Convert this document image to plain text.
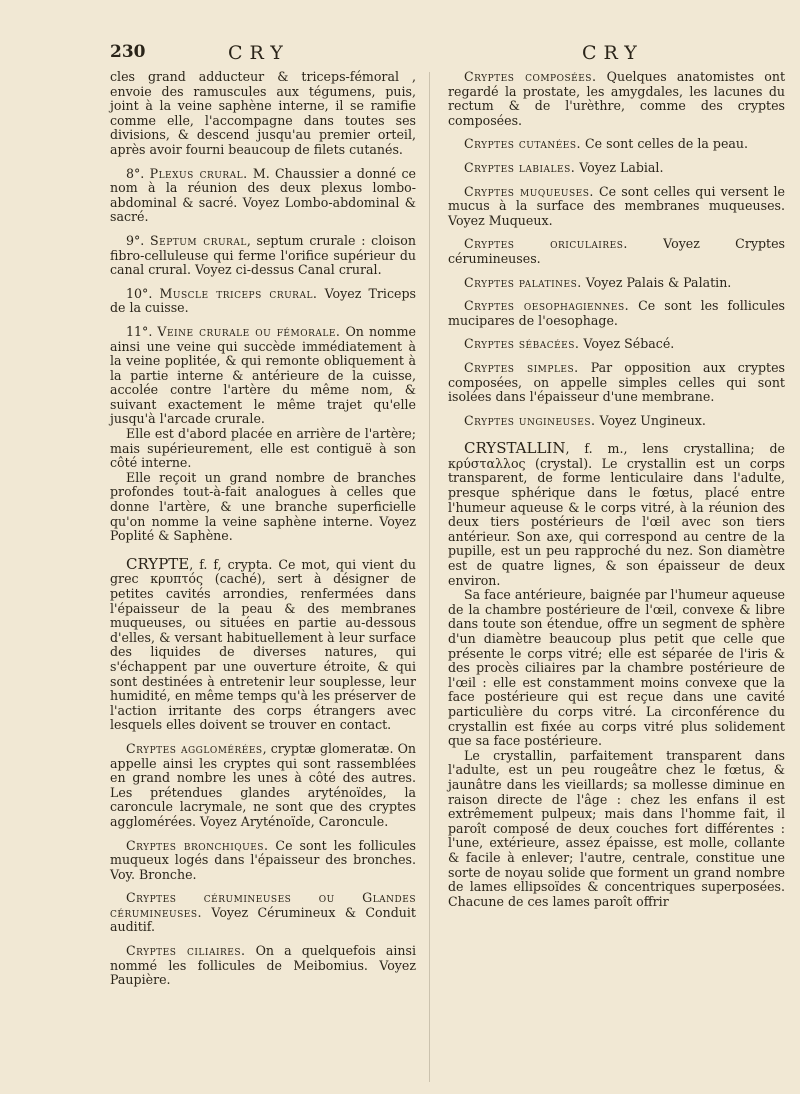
230	CRY	CRY

cles grand adducteur & triceps-fémoral , envoie des ramuscules aux tégumens, puis, joint à la veine saphène interne, il se ramifie comme elle, l'accompagne dans toutes ses divisions, & descend jusqu'au premier orteil, après avoir fourni beaucoup de filets cutanés.

8°. Plexus crural. M. Chaussier a donné ce nom à la réunion des deux plexus lombo-abdominal & sacré. Voyez Lombo-abdominal & sacré.

9°. Septum crural, septum crurale : cloison fibro-celluleuse qui ferme l'orifice supérieur du canal crural. Voyez ci-dessus Canal crural.

10°. Muscle triceps crural. Voyez Triceps de la cuisse.

11°. Veine crurale ou fémorale. On nomme ainsi une veine qui succède immédiatement à la veine poplitée, & qui remonte obliquement à la partie interne & antérieure de la cuisse, accolée contre l'artère du même nom, & suivant exactement le même trajet qu'elle jusqu'à l'arcade crurale.

Elle est d'abord placée en arrière de l'artère; mais supérieurement, elle est contiguë à son côté interne.

Elle reçoit un grand nombre de branches profondes tout-à-fait analogues à celles que donne l'artère, & une branche superficielle qu'on nomme la veine saphène interne. Voyez Poplité & Saphène.

CRYPTE, f. f, crypta. Ce mot, qui vient du grec κρυπτός (caché), sert à désigner de petites cavités arrondies, renfermées dans l'épaisseur de la peau & des membranes muqueuses, ou situées en partie au-dessous d'elles, & versant habituellement à leur surface des liquides de diverses natures, qui s'échappent par une ouverture étroite, & qui sont destinées à entretenir leur souplesse, leur humidité, en même temps qu'à les préserver de l'action irritante des corps étrangers avec lesquels elles doivent se trouver en contact.

Cryptes agglomérées, cryptæ glomeratæ. On appelle ainsi les cryptes qui sont rassemblées en grand nombre les unes à côté des autres. Les prétendues glandes aryténoïdes, la caroncule lacrymale, ne sont que des cryptes agglomérées. Voyez Aryténoïde, Caroncule.

Cryptes bronchiques. Ce sont les follicules muqueux logés dans l'épaisseur des bronches. Voy. Bronche.

Cryptes cérumineuses ou Glandes cérumineuses. Voyez Cérumineux & Conduit auditif.

Cryptes ciliaires. On a quelquefois ainsi nommé les follicules de Meibomius. Voyez Paupière.

Cryptes composées. Quelques anatomistes ont regardé la prostate, les amygdales, les lacunes du rectum & de l'urèthre, comme des cryptes composées.

Cryptes cutanées. Ce sont celles de la peau.

Cryptes labiales. Voyez Labial.

Cryptes muqueuses. Ce sont celles qui versent le mucus à la surface des membranes muqueuses. Voyez Muqueux.

Cryptes oriculaires. Voyez Cryptes cérumineuses.

Cryptes palatines. Voyez Palais & Palatin.

Cryptes oesophagiennes. Ce sont les follicules mucipares de l'oesophage.

Cryptes sébacées. Voyez Sébacé.

Cryptes simples. Par opposition aux cryptes composées, on appelle simples celles qui sont isolées dans l'épaisseur d'une membrane.

Cryptes ungineuses. Voyez Ungineux.

CRYSTALLIN, f. m., lens crystallina; de κρύσταλλος (crystal). Le crystallin est un corps transparent, de forme lenticulaire dans l'adulte, presque sphérique dans le fœtus, placé entre l'humeur aqueuse & le corps vitré, à la réunion des deux tiers postérieurs de l'œil avec son tiers antérieur. Son axe, qui correspond au centre de la pupille, est un peu rapproché du nez. Son diamètre est de quatre lignes, & son épaisseur de deux environ.

Sa face antérieure, baignée par l'humeur aqueuse de la chambre postérieure de l'œil, convexe & libre dans toute son étendue, offre un segment de sphère d'un diamètre beaucoup plus petit que celle que présente le corps vitré; elle est séparée de l'iris & des procès ciliaires par la chambre postérieure de l'œil : elle est constamment moins convexe que la face postérieure qui est reçue dans une cavité particulière du corps vitré. La circonférence du crystallin est fixée au corps vitré plus solidement que sa face postérieure.

Le crystallin, parfaitement transparent dans l'adulte, est un peu rougeâtre chez le fœtus, & jaunâtre dans les vieillards; sa mollesse diminue en raison directe de l'âge : chez les enfans il est extrêmement pulpeux; mais dans l'homme fait, il paroît composé de deux couches fort différentes : l'une, extérieure, assez épaisse, est molle, collante & facile à enlever; l'autre, centrale, constitue une sorte de noyau solide que forment un grand nombre de lames ellipsoïdes & concentriques superposées. Chacune de ces lames paroît offrir
